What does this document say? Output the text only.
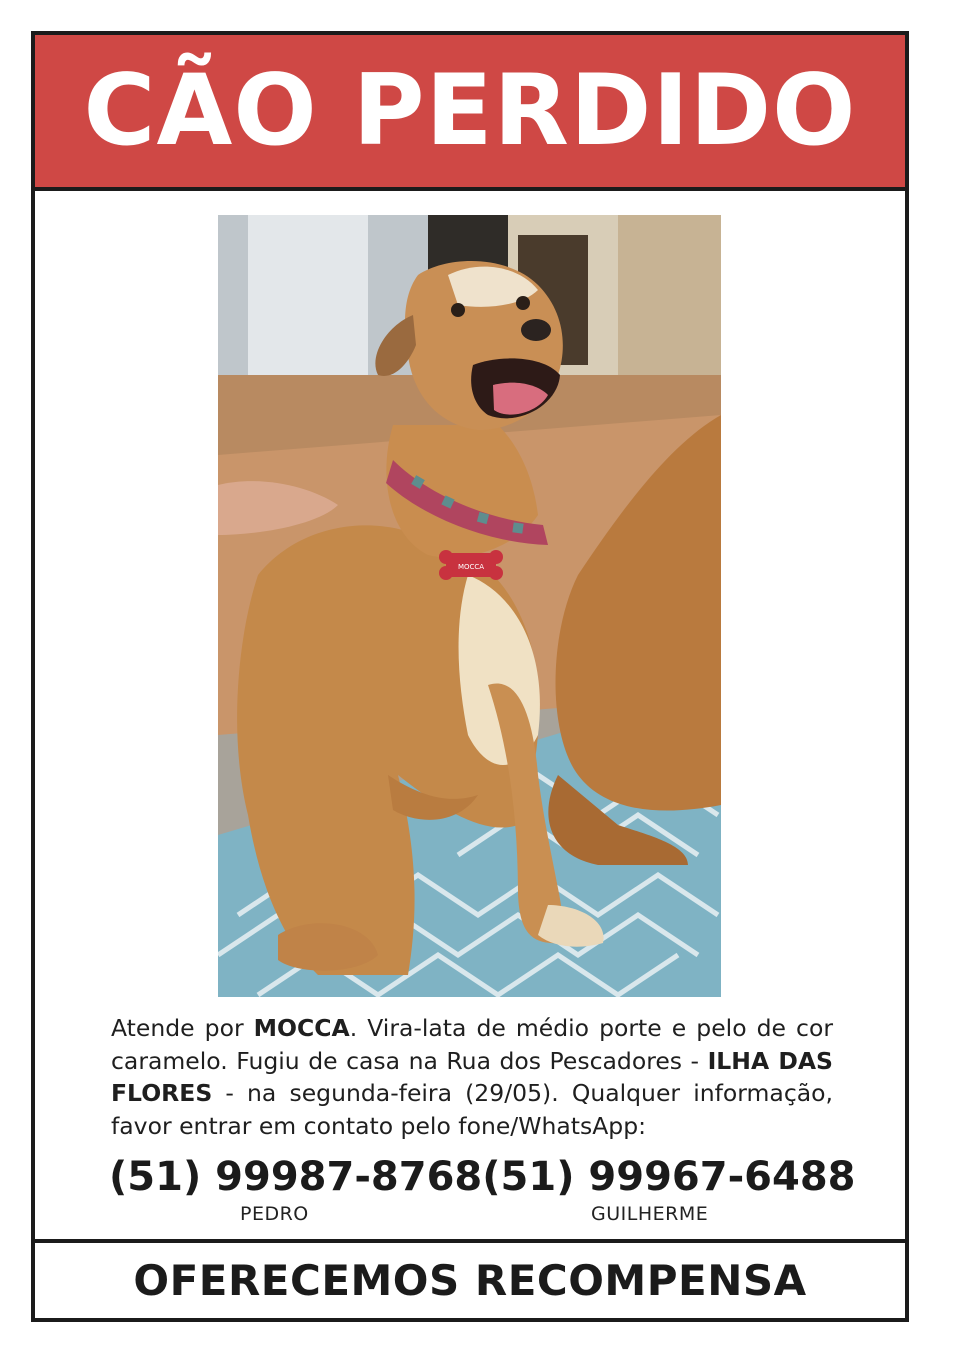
CÃO PERDIDO
MOCCA
Atende por MOCCA. Vira-lata de médio porte e pelo de cor caramelo. Fugiu de casa na Rua dos Pescadores - ILHA DAS FLORES - na segunda-feira (29/05). Qualquer informação, favor entrar em contato pelo fone/WhatsApp:
(51) 99987-8768 (51) 99967-6488
PEDRO	GUILHERME
OFERECEMOS RECOMPENSA
